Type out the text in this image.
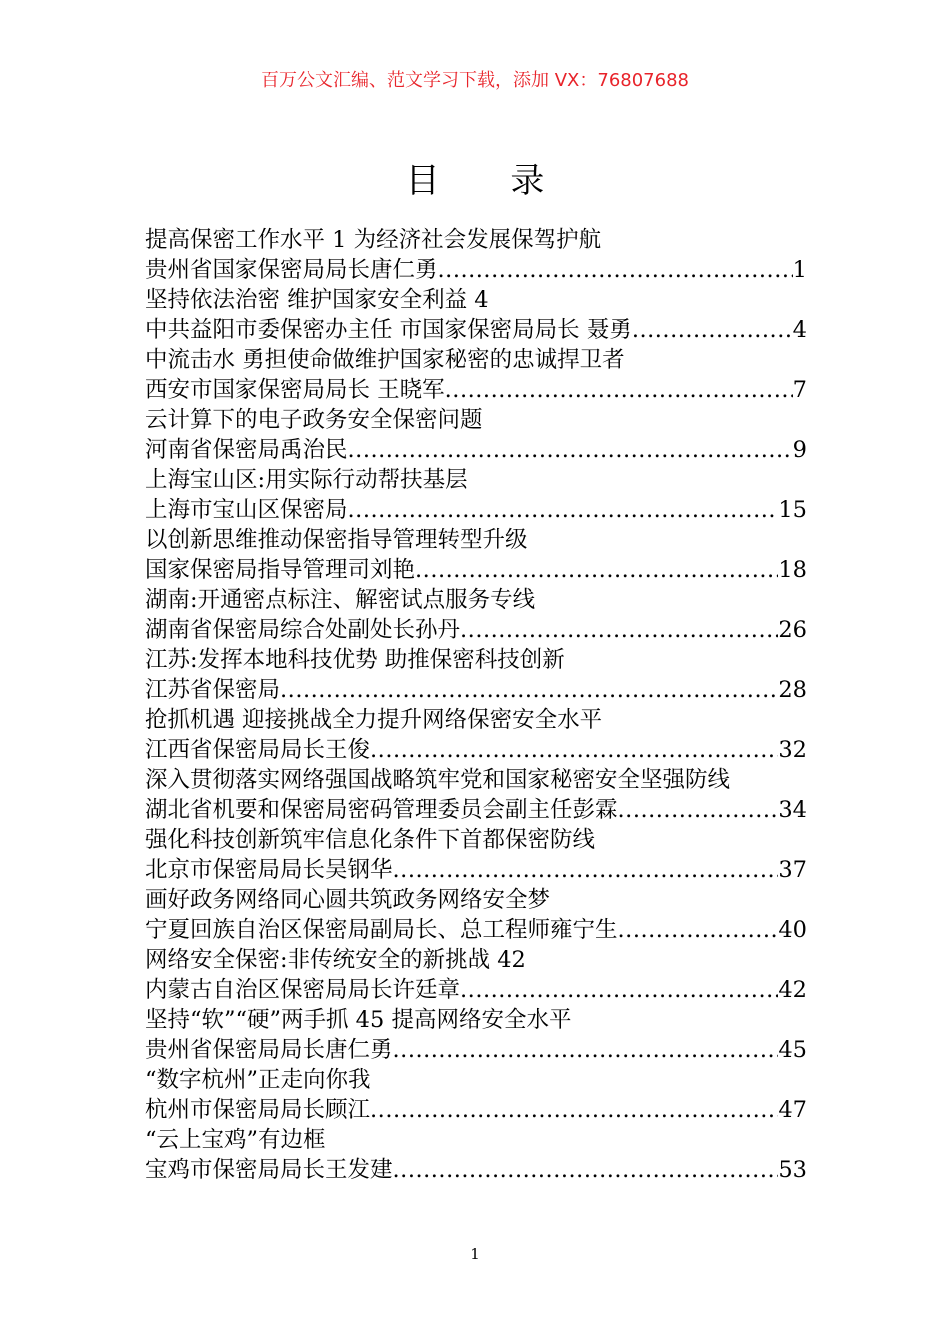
百万公文汇编、范文学习下载，添加 VX：76807688
目 录
提高保密工作水平 1 为经济社会发展保驾护航
贵州省国家保密局局长唐仁勇 .....	1
坚持依法治密 维护国家安全利益 4
中共益阳市委保密办主任 市国家保密局局长 聂勇 .....	4
中流击水 勇担使命做维护国家秘密的忠诚捍卫者
西安市国家保密局局长 王晓军 .....	7
云计算下的电子政务安全保密问题
河南省保密局禹治民 .....	9
上海宝山区:用实际行动帮扶基层
上海市宝山区保密局 .....	15
以创新思维推动保密指导管理转型升级
国家保密局指导管理司刘艳 .....	18
湖南:开通密点标注、解密试点服务专线
湖南省保密局综合处副处长孙丹 .....	26
江苏:发挥本地科技优势 助推保密科技创新
江苏省保密局 .....	28
抢抓机遇 迎接挑战全力提升网络保密安全水平
江西省保密局局长王俊 .....	32
深入贯彻落实网络强国战略筑牢党和国家秘密安全坚强防线
湖北省机要和保密局密码管理委员会副主任彭霖 .....	34
强化科技创新筑牢信息化条件下首都保密防线
北京市保密局局长吴钢华 .....	37
画好政务网络同心圆共筑政务网络安全梦
宁夏回族自治区保密局副局长、总工程师雍宁生 .....	40
网络安全保密:非传统安全的新挑战 42
内蒙古自治区保密局局长许廷章 .....	42
坚持“软”“硬”两手抓 45 提高网络安全水平
贵州省保密局局长唐仁勇 .....	45
“数字杭州”正走向你我
杭州市保密局局长顾江 .....	47
“云上宝鸡”有边框
宝鸡市保密局局长王发建 .....	53
1
